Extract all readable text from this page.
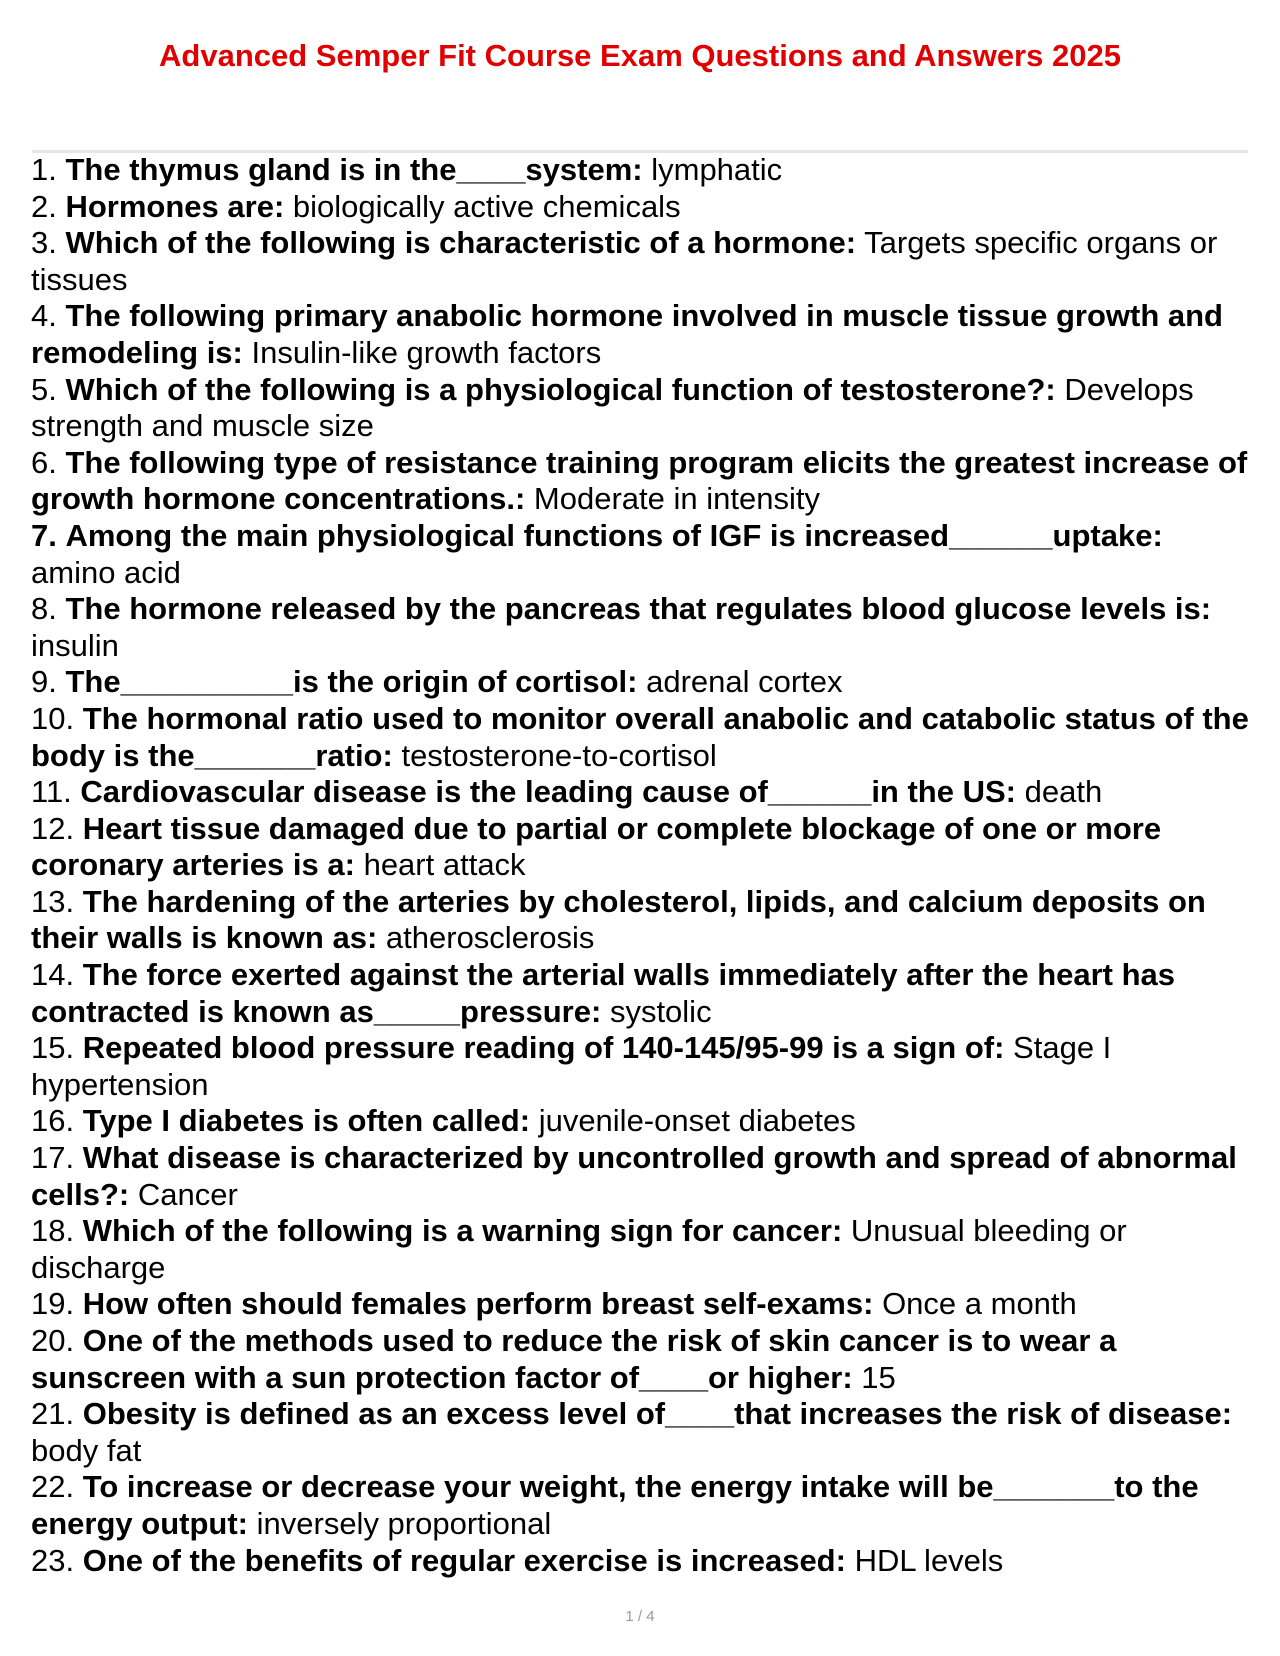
Advanced Semper Fit Course Exam Questions and Answers 2025
1. The thymus gland is in the____system: lymphatic
2. Hormones are: biologically active chemicals
3. Which of the following is characteristic of a hormone: Targets specific organs or tissues
4. The following primary anabolic hormone involved in muscle tissue growth and remodeling is: Insulin-like growth factors
5. Which of the following is a physiological function of testosterone?: Develops strength and muscle size
6. The following type of resistance training program elicits the greatest increase of growth hormone concentrations.: Moderate in intensity
7. Among the main physiological functions of IGF is increased______uptake: amino acid
8. The hormone released by the pancreas that regulates blood glucose levels is: insulin
9. The__________is the origin of cortisol: adrenal cortex
10. The hormonal ratio used to monitor overall anabolic and catabolic status of the body is the_______ratio: testosterone-to-cortisol
11. Cardiovascular disease is the leading cause of______in the US: death
12. Heart tissue damaged due to partial or complete blockage of one or more coronary arteries is a: heart attack
13. The hardening of the arteries by cholesterol, lipids, and calcium deposits on their walls is known as: atherosclerosis
14. The force exerted against the arterial walls immediately after the heart has contracted is known as_____pressure: systolic
15. Repeated blood pressure reading of 140-145/95-99 is a sign of: Stage I hypertension
16. Type I diabetes is often called: juvenile-onset diabetes
17. What disease is characterized by uncontrolled growth and spread of abnormal cells?: Cancer
18. Which of the following is a warning sign for cancer: Unusual bleeding or discharge
19. How often should females perform breast self-exams: Once a month
20. One of the methods used to reduce the risk of skin cancer is to wear a sunscreen with a sun protection factor of____or higher: 15
21. Obesity is defined as an excess level of____that increases the risk of disease: body fat
22. To increase or decrease your weight, the energy intake will be_______to the energy output: inversely proportional
23. One of the benefits of regular exercise is increased: HDL levels
1 / 4
